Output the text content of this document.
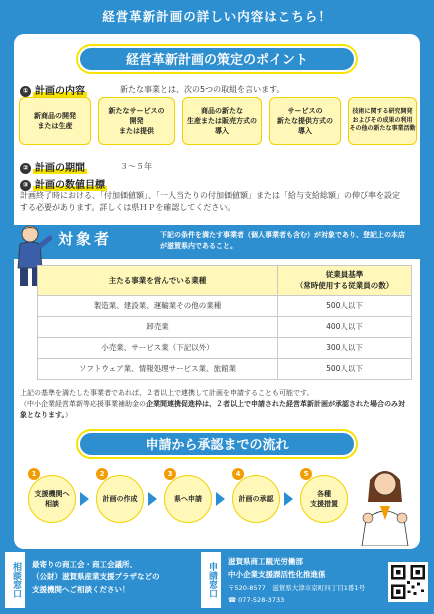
経営革新計画の詳しい内容はこちら！
経営革新計画の策定のポイント
① 計画の内容	新たな事業とは、次の5つの取組を言います。
新商品の開発
または生産
新たなサービスの
開発
または提供
商品の新たな
生産または販売方式の
導入
サービスの
新たな提供方式の
導入
技術に関する研究開発
およびその成果の利用
その他の新たな事業活動
② 計画の期間	３～５年
③ 計画の数値目標
計画終了時における、「付加価値額」、「一人当たりの付加価値額」または「給与支給総額」の伸び率を設定する必要があります。詳しくは県ＨＰを確認してください。
対象者	下記の条件を満たす事業者（個人事業者も含む）が対象であり、登記上の本店が滋賀県内であること。
主たる事業を営んでいる業種	従業員基準
（常時使用する従業員の数）
製造業、建設業、運輸業その他の業種	500人以下
卸売業	400人以下
小売業、サービス業（下記以外）	300人以下
ソフトウェア業、情報処理サービス業、旅館業	500人以下
上記の基準を満たした事業者であれば、２者以上で連携して計画を申請することも可能です。
（中小企業経営革新等応援事業補助金の企業間連携促進枠は、２者以上で申請された経営革新計画が承認された場合のみ対象となります。）
申請から承認までの流れ
1
支援機関へ
相談
2
計画の作成
3
県へ申請
4
計画の承認
5
各種
支援措置
相談窓口	最寄りの商工会・商工会議所、
（公財）滋賀県産業支援プラザなどの
支援機関へご相談ください！	申請窓口
滋賀県商工観光労働部
中小企業支援課活性化推進係
〒520-8577　滋賀県大津市京町四丁目1番1号
☎ 077-528-3733
